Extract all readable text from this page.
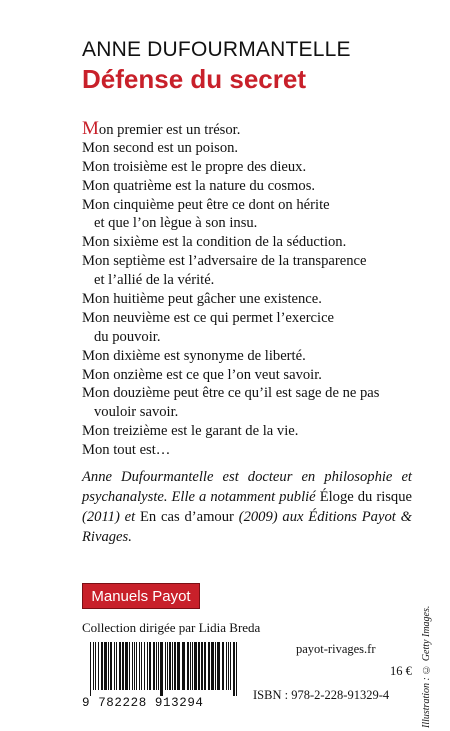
ANNE DUFOURMANTELLE
Défense du secret
Mon premier est un trésor.
Mon second est un poison.
Mon troisième est le propre des dieux.
Mon quatrième est la nature du cosmos.
Mon cinquième peut être ce dont on hérite
et que l’on lègue à son insu.
Mon sixième est la condition de la séduction.
Mon septième est l’adversaire de la transparence
et l’allié de la vérité.
Mon huitième peut gâcher une existence.
Mon neuvième est ce qui permet l’exercice
du pouvoir.
Mon dixième est synonyme de liberté.
Mon onzième est ce que l’on veut savoir.
Mon douzième peut être ce qu’il est sage de ne pas
vouloir savoir.
Mon treizième est le garant de la vie.
Mon tout est…
Anne Dufourmantelle est docteur en philosophie et psychanalyste. Elle a notamment publié Éloge du risque (2011) et En cas d’amour (2009) aux Éditions Payot & Rivages.
Manuels Payot
Collection dirigée par Lidia Breda
9 782228 913294
payot-rivages.fr
16 €
ISBN : 978-2-228-91329-4	Illustration : © Getty Images.
